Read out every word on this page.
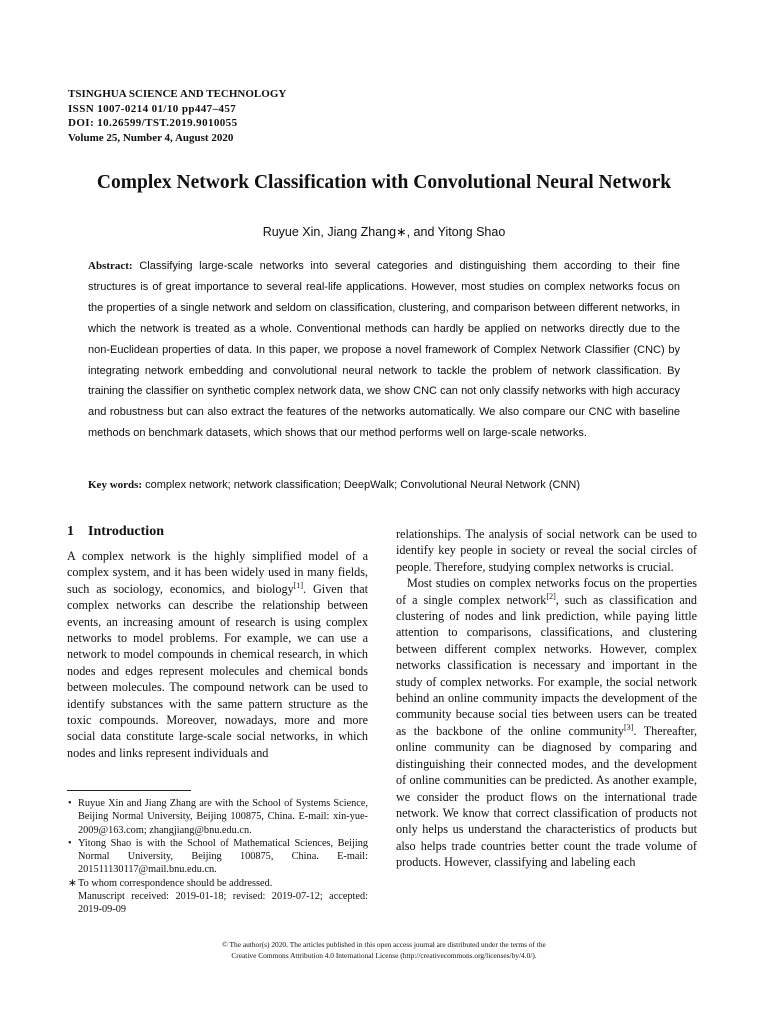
TSINGHUA SCIENCE AND TECHNOLOGY
ISSN 1007-0214 01/10 pp447–457
DOI: 10.26599/TST.2019.9010055
Volume 25, Number 4, August 2020
Complex Network Classification with Convolutional Neural Network
Ruyue Xin, Jiang Zhang∗, and Yitong Shao
Abstract: Classifying large-scale networks into several categories and distinguishing them according to their fine structures is of great importance to several real-life applications. However, most studies on complex networks focus on the properties of a single network and seldom on classification, clustering, and comparison between different networks, in which the network is treated as a whole. Conventional methods can hardly be applied on networks directly due to the non-Euclidean properties of data. In this paper, we propose a novel framework of Complex Network Classifier (CNC) by integrating network embedding and convolutional neural network to tackle the problem of network classification. By training the classifier on synthetic complex network data, we show CNC can not only classify networks with high accuracy and robustness but can also extract the features of the networks automatically. We also compare our CNC with baseline methods on benchmark datasets, which shows that our method performs well on large-scale networks.
Key words: complex network; network classification; DeepWalk; Convolutional Neural Network (CNN)
1 Introduction

A complex network is the highly simplified model of a complex system, and it has been widely used in many fields, such as sociology, economics, and biology[1]. Given that complex networks can describe the relationship between events, an increasing amount of research is using complex networks to model problems. For example, we can use a network to model compounds in chemical research, in which nodes and edges represent molecules and chemical bonds between molecules. The compound network can be used to identify substances with the same pattern structure as the toxic compounds. Moreover, nowadays, more and more social data constitute large-scale social networks, in which nodes and links represent individuals and

relationships. The analysis of social network can be used to identify key people in society or reveal the social circles of people. Therefore, studying complex networks is crucial.

Most studies on complex networks focus on the properties of a single complex network[2], such as classification and clustering of nodes and link prediction, while paying little attention to comparisons, classifications, and clustering between different complex networks. However, complex networks classification is necessary and important in the study of complex networks. For example, the social network behind an online community impacts the development of the community because social ties between users can be treated as the backbone of the online community[3]. Thereafter, online community can be diagnosed by comparing and distinguishing their connected modes, and the development of online communities can be predicted. As another example, we consider the product flows on the international trade network. We know that correct classification of products not only helps us understand the characteristics of products but also helps trade countries better count the trade volume of products. However, classifying and labeling each

• Ruyue Xin and Jiang Zhang are with the School of Systems Science, Beijing Normal University, Beijing 100875, China. E-mail: xin-yue-2009@163.com; zhangjiang@bnu.edu.cn.
• Yitong Shao is with the School of Mathematical Sciences, Beijing Normal University, Beijing 100875, China. E-mail: 201511130117@mail.bnu.edu.cn.
∗ To whom correspondence should be addressed.
Manuscript received: 2019-01-18; revised: 2019-07-12; accepted: 2019-09-09
© The author(s) 2020. The articles published in this open access journal are distributed under the terms of the
Creative Commons Attribution 4.0 International License (http://creativecommons.org/licenses/by/4.0/).
